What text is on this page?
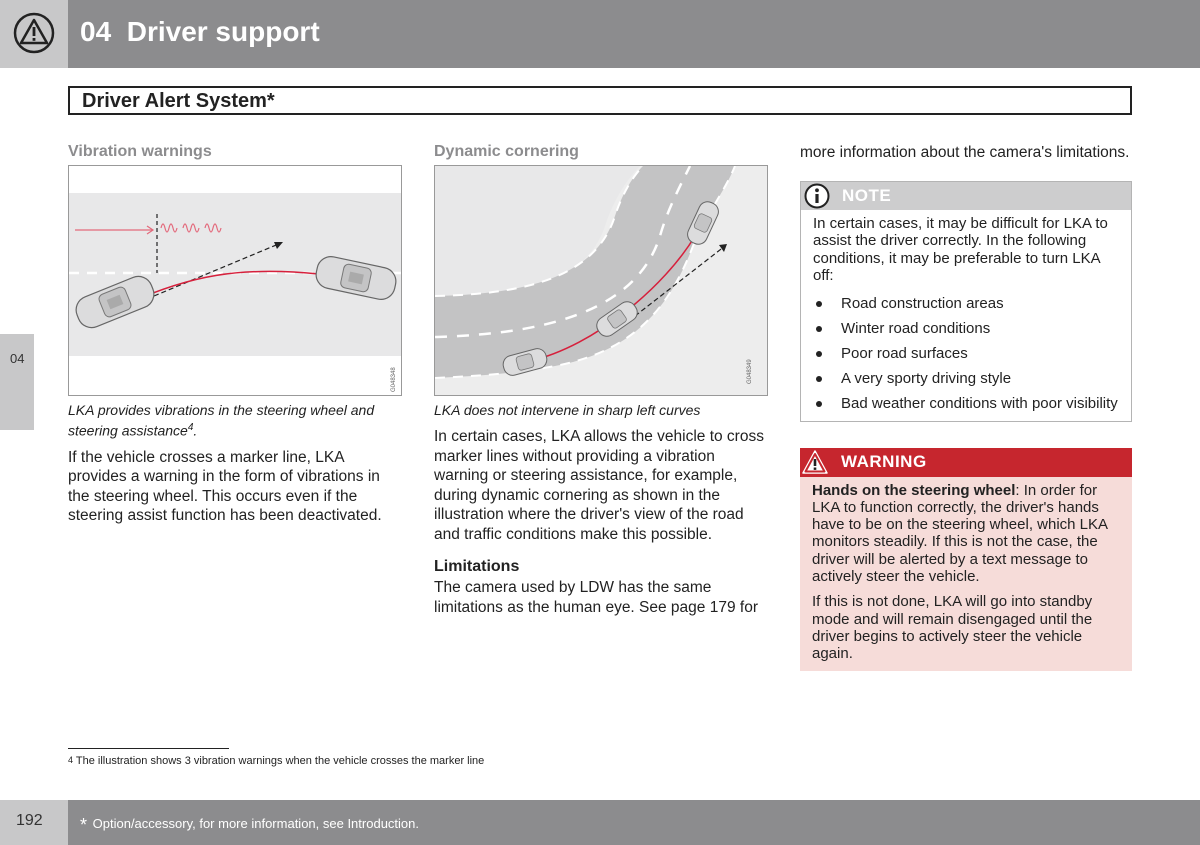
04 Driver support
Driver Alert System*
04
Vibration warnings
G048348
LKA provides vibrations in the steering wheel and steering assistance$^4$.
If the vehicle crosses a marker line, LKA provides a warning in the form of vibrations in the steering wheel. This occurs even if the steering assist function has been deactivated.
Dynamic cornering
G048349
LKA does not intervene in sharp left curves
In certain cases, LKA allows the vehicle to cross marker lines without providing a vibration warning or steering assistance, for example, during dynamic cornering as shown in the illustration where the driver's view of the road and traffic conditions make this possible.
Limitations
The camera used by LDW has the same limitations as the human eye. See page 179 for
more information about the camera's limitations.
NOTE
In certain cases, it may be difficult for LKA to assist the driver correctly. In the following conditions, it may be preferable to turn LKA off:
Road construction areas
Winter road conditions
Poor road surfaces
A very sporty driving style
Bad weather conditions with poor visibility
WARNING

Hands on the steering wheel: In order for LKA to function correctly, the driver's hands have to be on the steering wheel, which LKA monitors steadily. If this is not the case, the driver will be alerted by a text message to actively steer the vehicle.

If this is not done, LKA will go into standby mode and will remain disengaged until the driver begins to actively steer the vehicle again.

4 The illustration shows 3 vibration warnings when the vehicle crosses the marker line
192 * Option/accessory, for more information, see Introduction.
